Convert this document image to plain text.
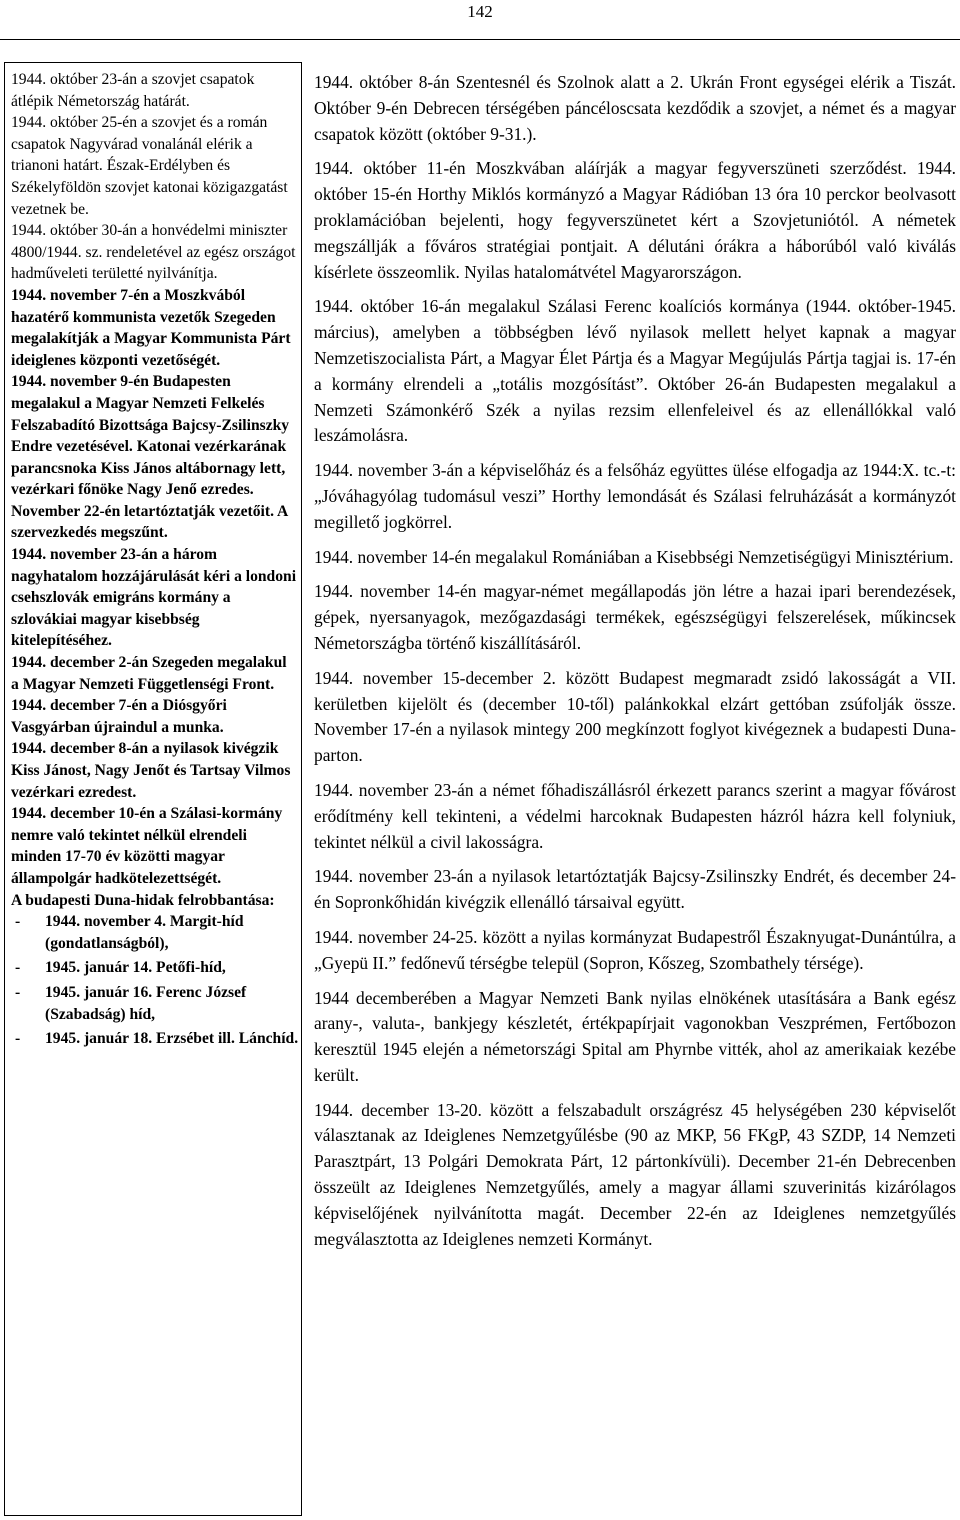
142

1944. október 23-án a szovjet csapatok átlépik Németország határát.

1944. október 25-én a szovjet és a román csapatok Nagyvárad vonalánál elérik a trianoni határt. Észak-Erdélyben és Székelyföldön szovjet katonai közigazgatást vezetnek be.

1944. október 30-án a honvédelmi miniszter 4800/1944. sz. rendeletével az egész országot hadműveleti területté nyilvánítja.

1944. november 7-én a Moszkvából hazatérő kommunista vezetők Szegeden megalakítják a Magyar Kommunista Párt ideiglenes központi vezetőségét.

1944. november 9-én Budapesten megalakul a Magyar Nemzeti Felkelés Felszabadító Bizottsága Bajcsy-Zsilinszky Endre vezetésével. Katonai vezérkarának parancsnoka Kiss János altábornagy lett, vezérkari főnöke Nagy Jenő ezredes. November 22-én letartóztatják vezetőit. A szervezkedés megszűnt.

1944. november 23-án a három nagyhatalom hozzájárulását kéri a londoni csehszlovák emigráns kormány a szlovákiai magyar kisebbség kitelepítéséhez.

1944. december 2-án Szegeden megalakul a Magyar Nemzeti Függetlenségi Front.

1944. december 7-én a Diósgyőri Vasgyárban újraindul a munka.

1944. december 8-án a nyilasok kivégzik Kiss Jánost, Nagy Jenőt és Tartsay Vilmos vezérkari ezredest.

1944. december 10-én a Szálasi-kormány nemre való tekintet nélkül elrendeli minden 17-70 év közötti magyar állampolgár hadkötelezettségét.

A budapesti Duna-hidak felrobbantása:

- 1944. november 4. Margit-híd (gondatlanságból),
- 1945. január 14. Petőfi-híd,
- 1945. január 16. Ferenc József (Szabadság) híd,
- 1945. január 18. Erzsébet ill. Lánchíd.

1944. október 8-án Szentesnél és Szolnok alatt a 2. Ukrán Front egységei elérik a Tiszát. Október 9-én Debrecen térségében páncéloscsata kezdődik a szovjet, a német és a magyar csapatok között (október 9-31.).

1944. október 11-én Moszkvában aláírják a magyar fegyverszüneti szerződést. 1944. október 15-én Horthy Miklós kormányzó a Magyar Rádióban 13 óra 10 perckor beolvasott proklamációban bejelenti, hogy fegyverszünetet kért a Szovjetuniótól. A németek megszállják a főváros stratégiai pontjait. A délutáni órákra a háborúból való kiválás kísérlete összeomlik. Nyilas hatalomátvétel Magyarországon.

1944. október 16-án megalakul Szálasi Ferenc koalíciós kormánya (1944. október-1945. március), amelyben a többségben lévő nyilasok mellett helyet kapnak a magyar Nemzetiszocialista Párt, a Magyar Élet Pártja és a Magyar Megújulás Pártja tagjai is. 17-én a kormány elrendeli a „totális mozgósítást”. Október 26-án Budapesten megalakul a Nemzeti Számonkérő Szék a nyilas rezsim ellenfeleivel és az ellenállókkal való leszámolásra.

1944. november 3-án a képviselőház és a felsőház együttes ülése elfogadja az 1944:X. tc.-t: „Jóváhagyólag tudomásul veszi” Horthy lemondását és Szálasi felruházását a kormányzót megillető jogkörrel.

1944. november 14-én megalakul Romániában a Kisebbségi Nemzetiségügyi Minisztérium.

1944. november 14-én magyar-német megállapodás jön létre a hazai ipari berendezések, gépek, nyersanyagok, mezőgazdasági termékek, egészségügyi felszerelések, műkincsek Németországba történő kiszállításáról.

1944. november 15-december 2. között Budapest megmaradt zsidó lakosságát a VII. kerületben kijelölt és (december 10-től) palánkokkal elzárt gettóban zsúfolják össze. November 17-én a nyilasok mintegy 200 megkínzott foglyot kivégeznek a budapesti Duna-parton.

1944. november 23-án a német főhadiszállásról érkezett parancs szerint a magyar fővárost erődítmény kell tekinteni, a védelmi harcoknak Budapesten házról házra kell folyniuk, tekintet nélkül a civil lakosságra.

1944. november 23-án a nyilasok letartóztatják Bajcsy-Zsilinszky Endrét, és december 24-én Sopronkőhidán kivégzik ellenálló társaival együtt.

1944. november 24-25. között a nyilas kormányzat Budapestről Északnyugat-Dunántúlra, a „Gyepü II.” fedőnevű térségbe települ (Sopron, Kőszeg, Szombathely térsége).

1944 decemberében a Magyar Nemzeti Bank nyilas elnökének utasítására a Bank egész arany-, valuta-, bankjegy készletét, értékpapírjait vagonokban Veszprémen, Fertőbozon keresztül 1945 elején a németországi Spital am Phyrnbe vitték, ahol az amerikaiak kezébe került.

1944. december 13-20. között a felszabadult országrész 45 helységében 230 képviselőt választanak az Ideiglenes Nemzetgyűlésbe (90 az MKP, 56 FKgP, 43 SZDP, 14 Nemzeti Parasztpárt, 13 Polgári Demokrata Párt, 12 pártonkívüli). December 21-én Debrecenben összeült az Ideiglenes Nemzetgyűlés, amely a magyar állami szuverinitás kizárólagos képviselőjének nyilvánította magát. December 22-én az Ideiglenes nemzetgyűlés megválasztotta az Ideiglenes nemzeti Kormányt.
